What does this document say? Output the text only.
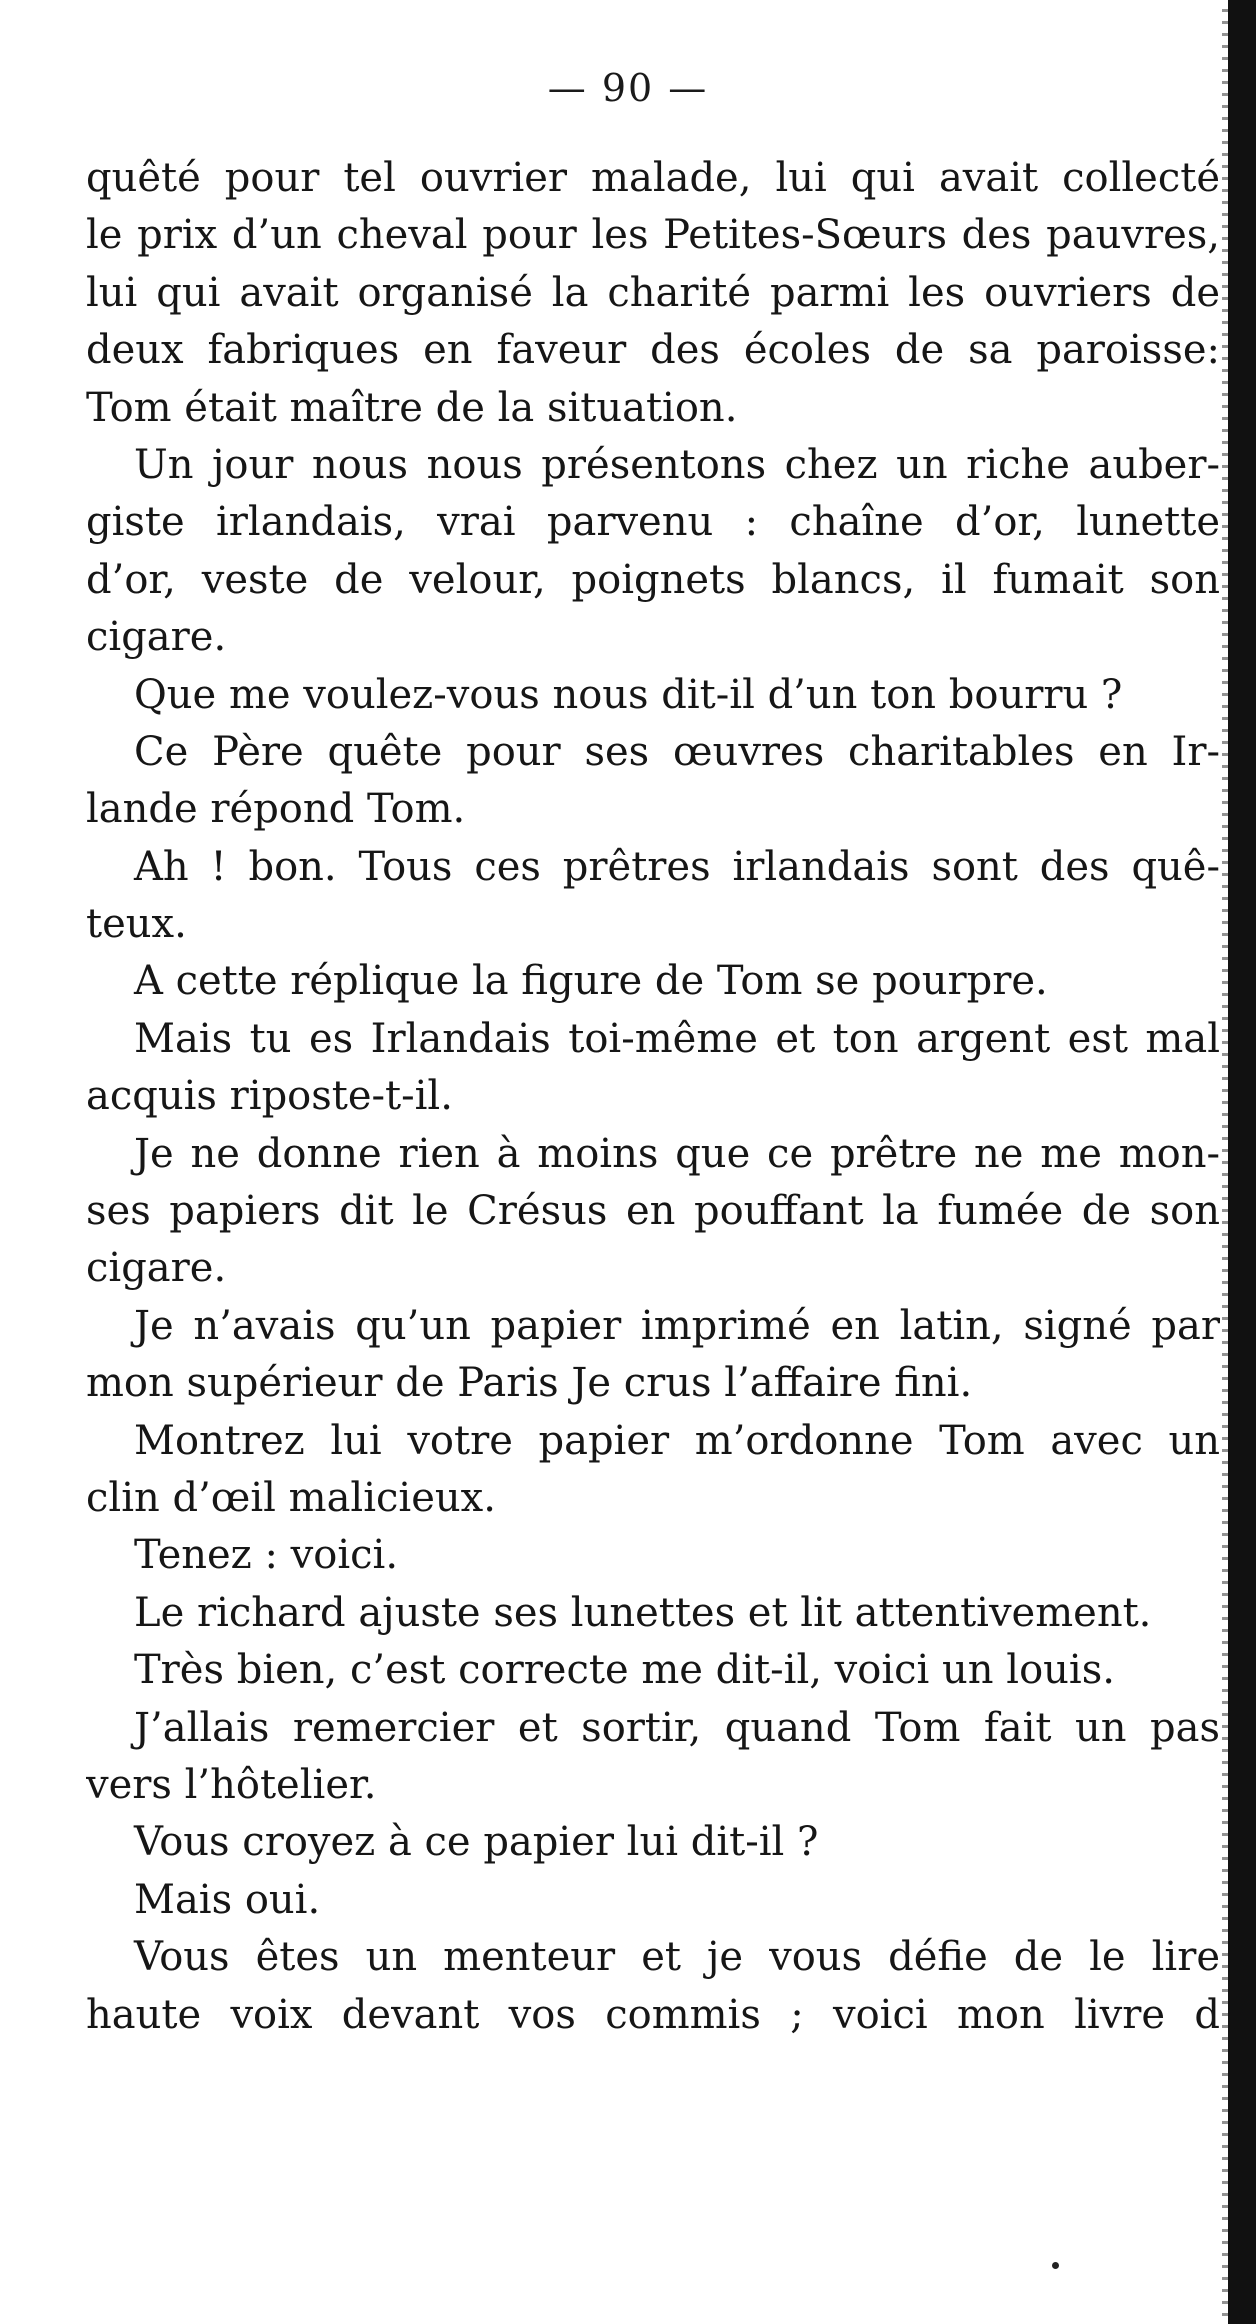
— 90 —
quêté pour tel ouvrier malade, lui qui avait collecté
le prix d’un cheval pour les Petites-Sœurs des pauvres,
lui qui avait organisé la charité parmi les ouvriers de
deux fabriques en faveur des écoles de sa paroisse:
Tom était maître de la situation.
Un jour nous nous présentons chez un riche auber-
giste irlandais, vrai parvenu : chaîne d’or, lunette
d’or, veste de velour, poignets blancs, il fumait son
cigare.
Que me voulez-vous nous dit-il d’un ton bourru ?
Ce Père quête pour ses œuvres charitables en Ir-
lande répond Tom.
Ah ! bon. Tous ces prêtres irlandais sont des quê-
teux.
A cette réplique la figure de Tom se pourpre.
Mais tu es Irlandais toi-même et ton argent est mal
acquis riposte-t-il.
Je ne donne rien à moins que ce prêtre ne me mon-
ses papiers dit le Crésus en pouffant la fumée de son
cigare.
Je n’avais qu’un papier imprimé en latin, signé par
mon supérieur de Paris Je crus l’affaire fini.
Montrez lui votre papier m’ordonne Tom avec un
clin d’œil malicieux.
Tenez : voici.
Le richard ajuste ses lunettes et lit attentivement.
Très bien, c’est correcte me dit-il, voici un louis.
J’allais remercier et sortir, quand Tom fait un pas
vers l’hôtelier.
Vous croyez à ce papier lui dit-il ?
Mais oui.
Vous êtes un menteur et je vous défie de le lire
haute voix devant vos commis ; voici mon livre d
